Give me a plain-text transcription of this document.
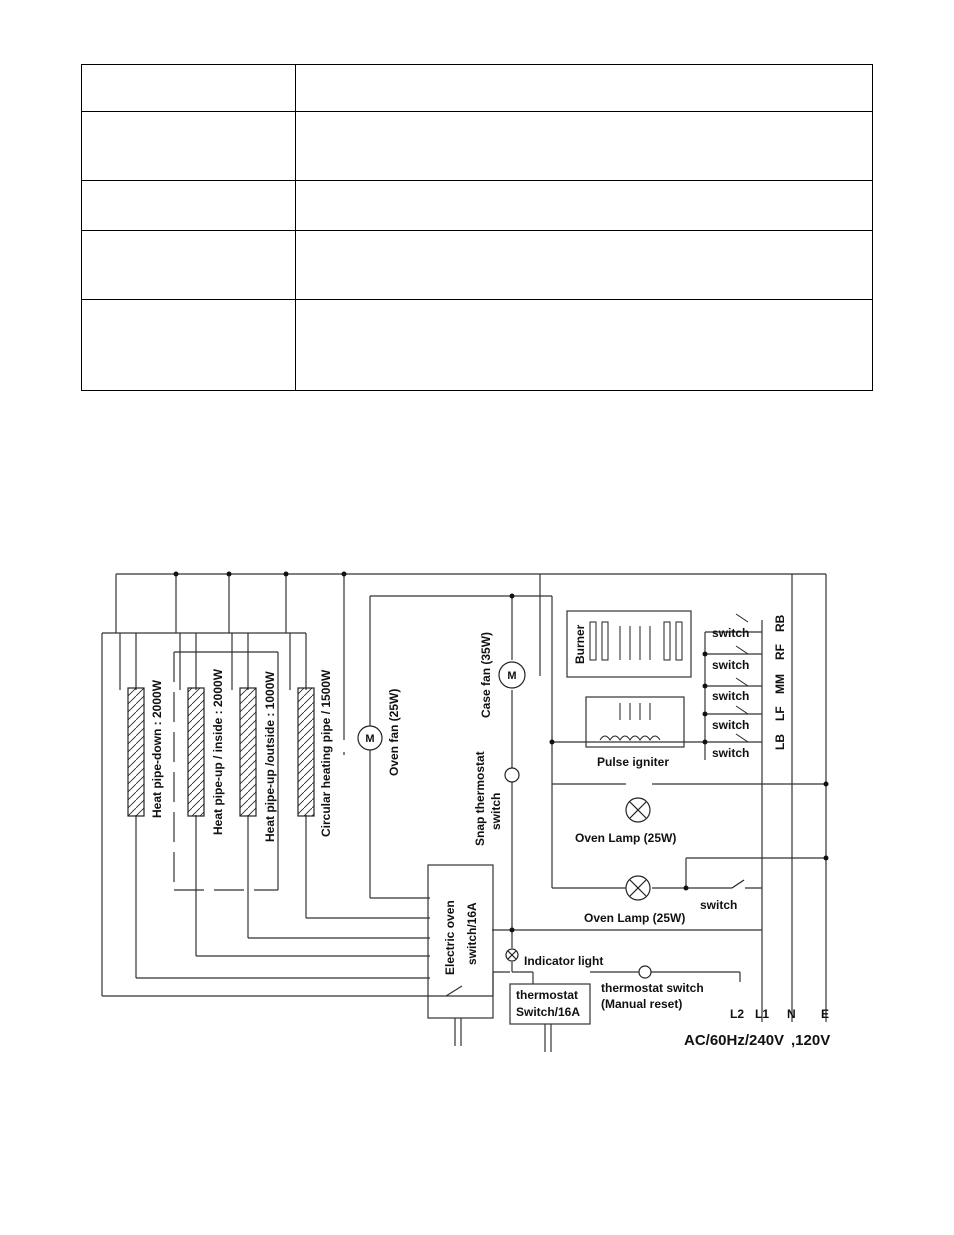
M
M
Heat pipe-down : 2000W	Heat pipe-up / inside : 2000W	Heat pipe-up /outside : 1000W	Circular heating pipe / 1500W	Oven fan (25W)
Case fan (35W)
Snap thermostat switch
Burner
Electric oven switch/16A
RB
RF
MM
LF
LB
switch
switch
switch
switch
switch
Pulse igniter
Oven Lamp (25W)
Oven Lamp (25W)
switch
Indicator light
thermostat
Switch/16A
thermostat switch
(Manual reset)
L2 L1 N E
AC/60Hz/240V ,120V
